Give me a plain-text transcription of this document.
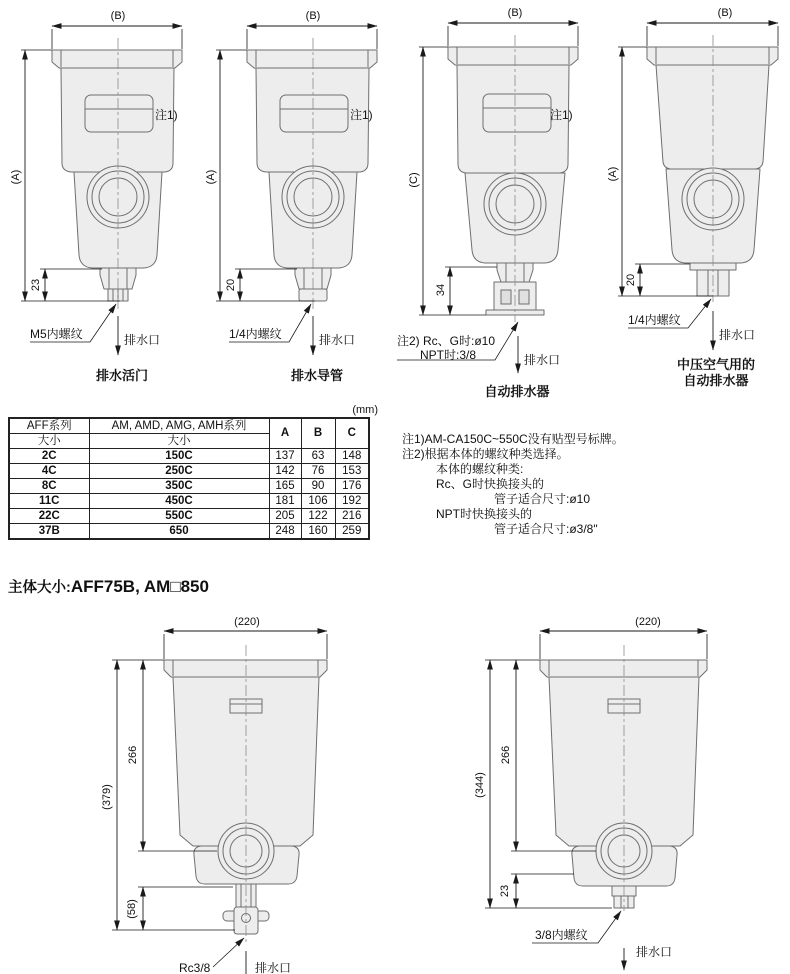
(B)
(A)
23
注1)
M5内螺纹	排水口
排水活门
(B)
(A)
20
注1)
1/4内螺纹	排水口
排水导管
(B)
(C)
34
注1)
注2) Rc、G时:ø10
NPT时:3/8	排水口
自动排水器
(B)
(A)
20
1/4内螺纹
排水口
中压空气用的
自动排水器
(mm)
AFF系列	AM, AMD, AMG, AMH系列	A	B	C
大小	大小			
2C	150C	137	63	148
4C	250C	142	76	153
8C	350C	165	90	176
11C	450C	181	106	192
22C	550C	205	122	216
37B	650	248	160	259
注1)AM-CA150C~550C没有贴型号标牌。
注2)根据本体的螺纹种类选择。
本体的螺纹种类:
Rc、G时快换接头的
管子适合尺寸:ø10
NPT时快换接头的
管子适合尺寸:ø3/8"
主体大小:AFF75B, AM□850
(220)
(379)
266
(58)
Rc3/8	排水口
(220)
(344)
266
23
3/8内螺纹
排水口
